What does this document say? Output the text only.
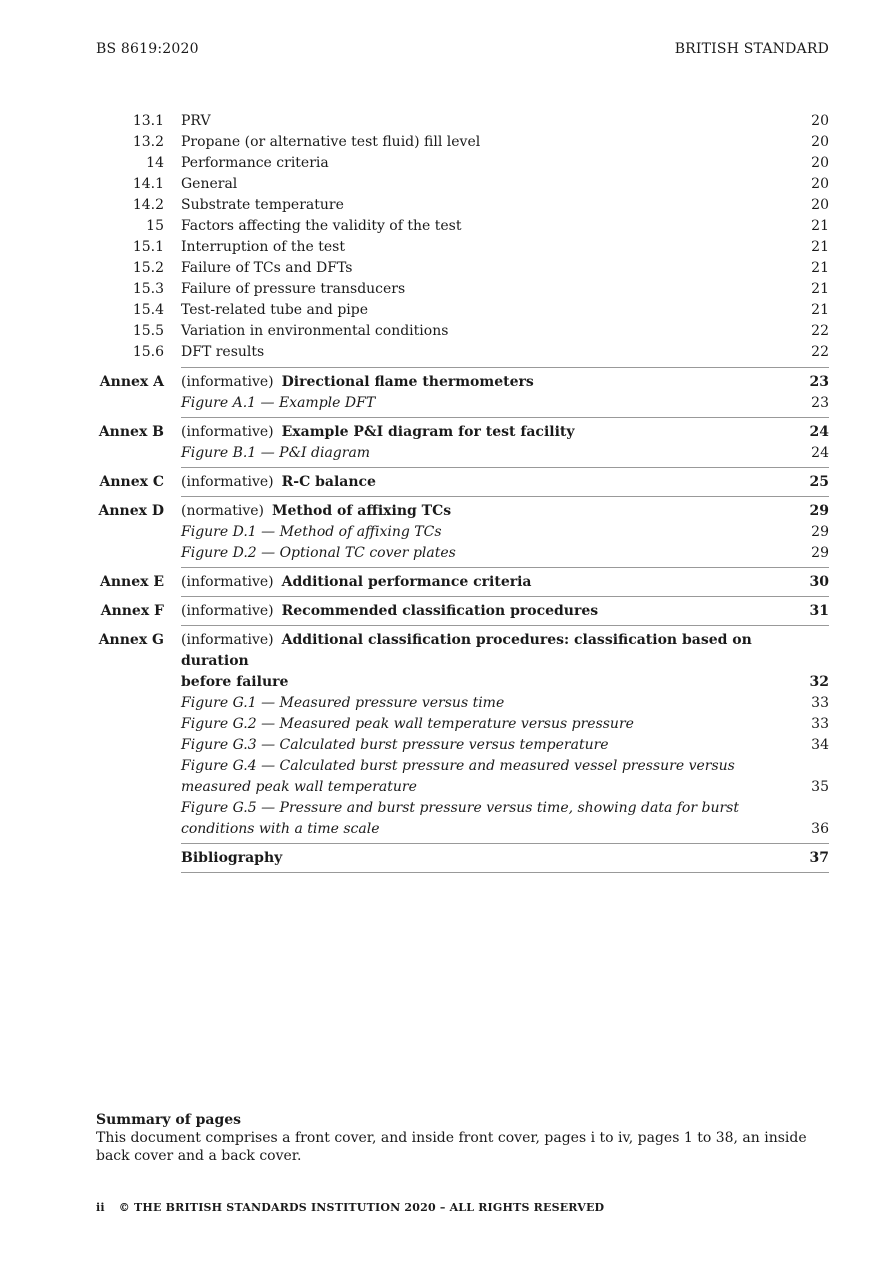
BS 8619:2020	BRITISH STANDARD
13.1 PRV	20
13.2 Propane (or alternative test fluid) fill level	20
14 Performance criteria	20
14.1 General	20
14.2 Substrate temperature	20
15 Factors affecting the validity of the test	21
15.1 Interruption of the test	21
15.2 Failure of TCs and DFTs	21
15.3 Failure of pressure transducers	21
15.4 Test-related tube and pipe	21
15.5 Variation in environmental conditions	22
15.6 DFT results	22
Annex A (informative) Directional flame thermometers	23
Figure A.1 — Example DFT	23
Annex B (informative) Example P&I diagram for test facility	24
Figure B.1 — P&I diagram	24
Annex C (informative) R-C balance	25
Annex D (normative) Method of affixing TCs	29
Figure D.1 — Method of affixing TCs	29
Figure D.2 — Optional TC cover plates	29
Annex E (informative) Additional performance criteria	30
Annex F (informative) Recommended classification procedures	31
Annex G (informative) Additional classification procedures: classification based on duration
before failure	32
Figure G.1 — Measured pressure versus time	33
Figure G.2 — Measured peak wall temperature versus pressure	33
Figure G.3 — Calculated burst pressure versus temperature	34
Figure G.4 — Calculated burst pressure and measured vessel pressure versus measured peak wall temperature	35
Figure G.5 — Pressure and burst pressure versus time, showing data for burst conditions with a time scale	36
Bibliography	37
Summary of pages
This document comprises a front cover, and inside front cover, pages i to iv, pages 1 to 38, an inside back cover and a back cover.
ii © THE BRITISH STANDARDS INSTITUTION 2020 – ALL RIGHTS RESERVED
